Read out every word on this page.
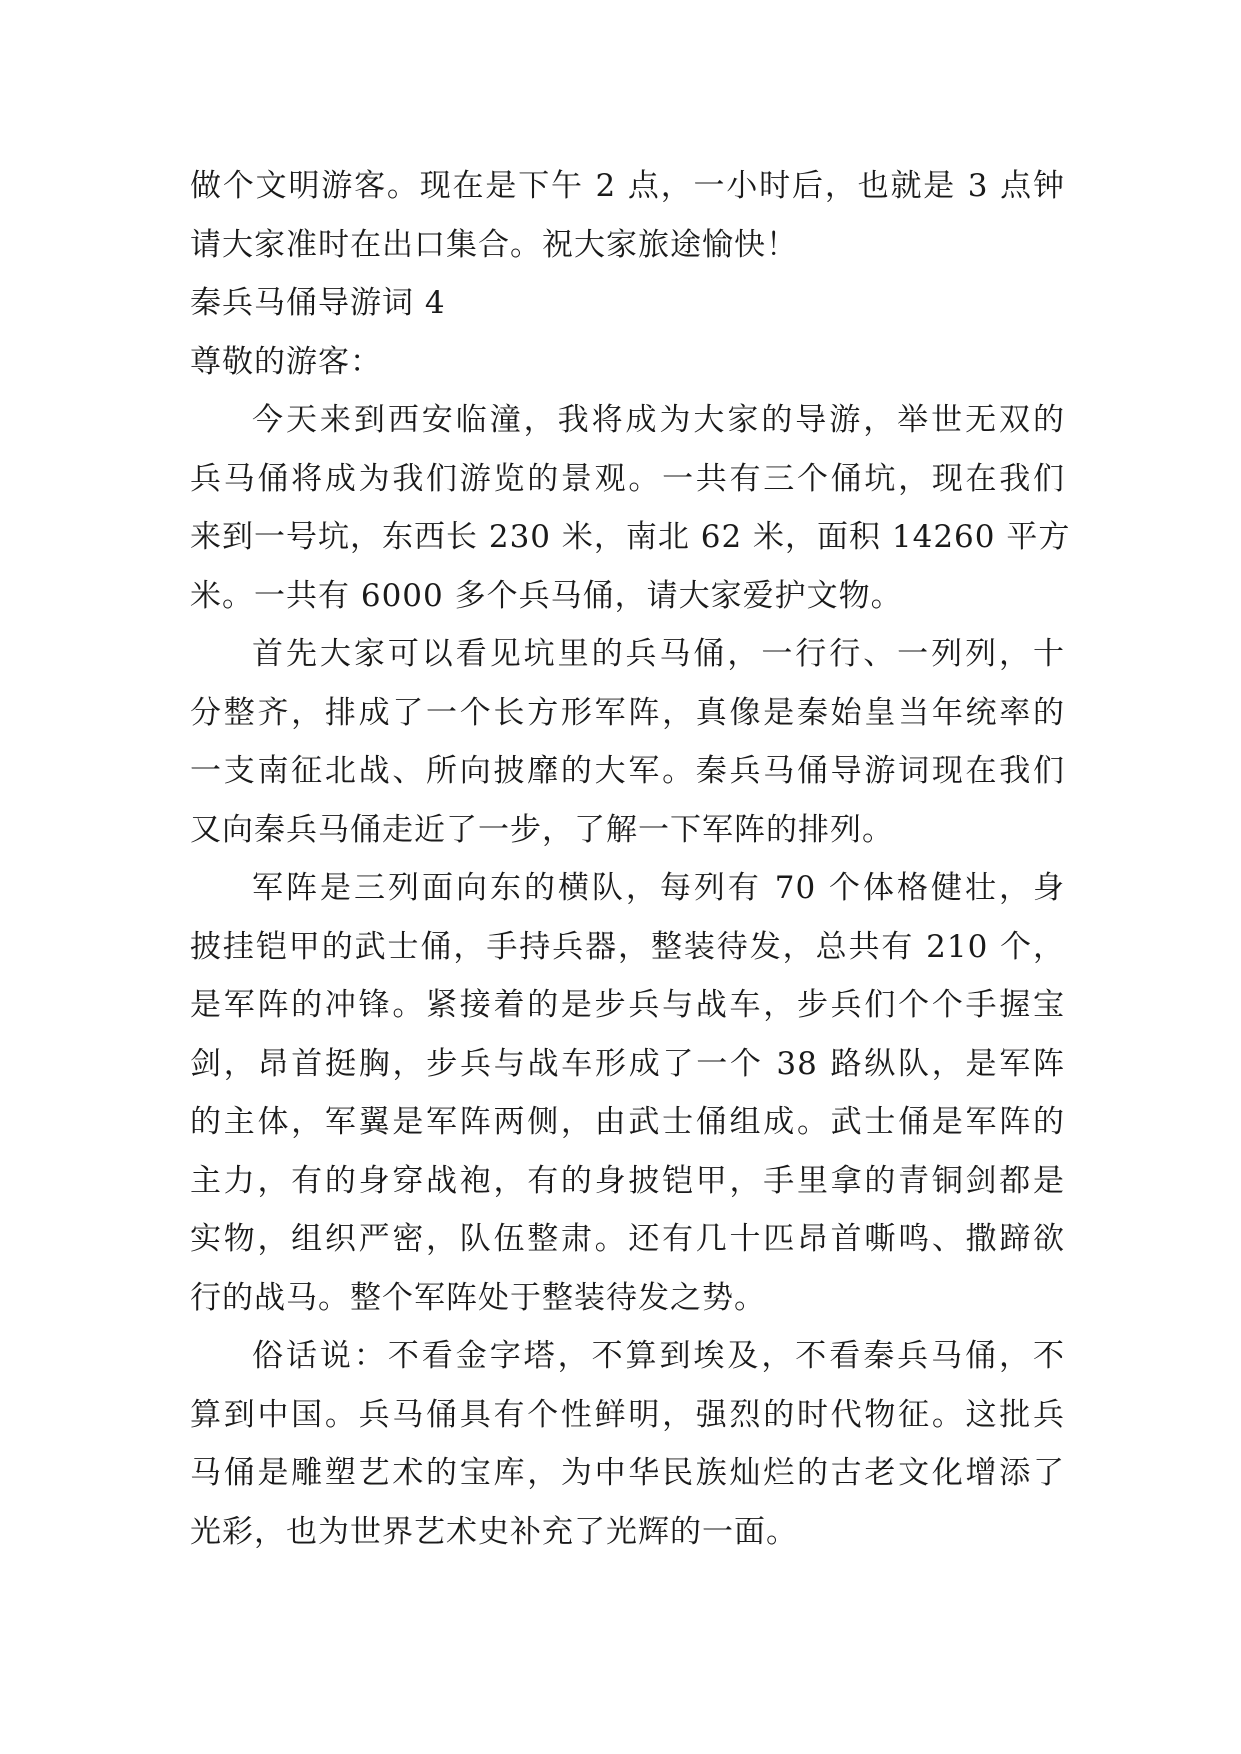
做个文明游客。现在是下午 2 点，一小时后，也就是 3 点钟
请大家准时在出口集合。祝大家旅途愉快！
秦兵马俑导游词 4
尊敬的游客：
今天来到西安临潼，我将成为大家的导游，举世无双的
兵马俑将成为我们游览的景观。一共有三个俑坑，现在我们
来到一号坑，东西长 230 米，南北 62 米，面积 14260 平方
米。一共有 6000 多个兵马俑，请大家爱护文物。
首先大家可以看见坑里的兵马俑，一行行、一列列，十
分整齐，排成了一个长方形军阵，真像是秦始皇当年统率的
一支南征北战、所向披靡的大军。秦兵马俑导游词现在我们
又向秦兵马俑走近了一步，了解一下军阵的排列。
军阵是三列面向东的横队，每列有 70 个体格健壮，身
披挂铠甲的武士俑，手持兵器，整装待发，总共有 210 个，
是军阵的冲锋。紧接着的是步兵与战车，步兵们个个手握宝
剑，昂首挺胸，步兵与战车形成了一个 38 路纵队，是军阵
的主体，军翼是军阵两侧，由武士俑组成。武士俑是军阵的
主力，有的身穿战袍，有的身披铠甲，手里拿的青铜剑都是
实物，组织严密，队伍整肃。还有几十匹昂首嘶鸣、撒蹄欲
行的战马。整个军阵处于整装待发之势。
俗话说：不看金字塔，不算到埃及，不看秦兵马俑，不
算到中国。兵马俑具有个性鲜明，强烈的时代物征。这批兵
马俑是雕塑艺术的宝库，为中华民族灿烂的古老文化增添了
光彩，也为世界艺术史补充了光辉的一面。
